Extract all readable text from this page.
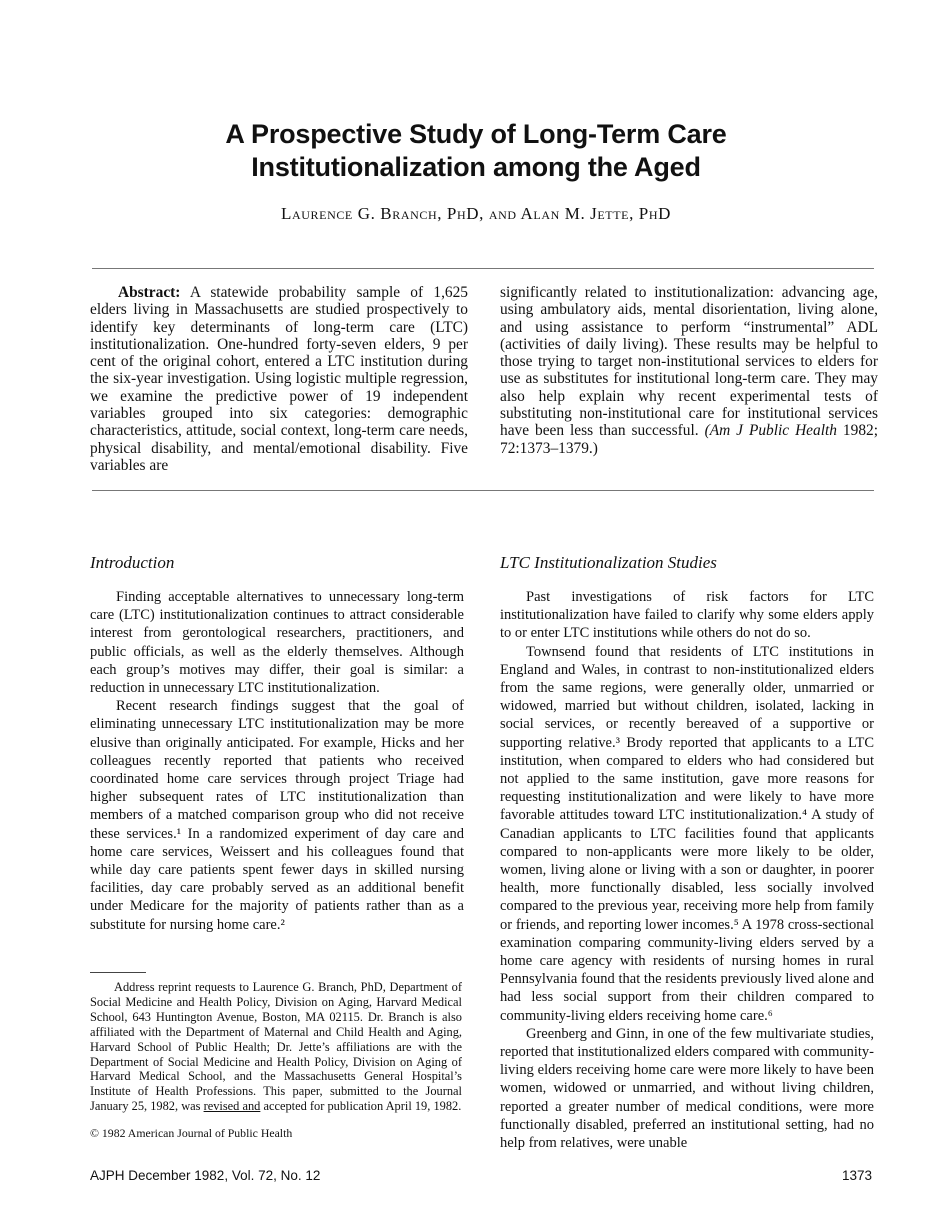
A Prospective Study of Long-Term Care
Institutionalization among the Aged
Laurence G. Branch, PhD, and Alan M. Jette, PhD

Abstract: A statewide probability sample of 1,625 elders living in Massachusetts are studied prospectively to identify key determinants of long-term care (LTC) institutionalization. One-hundred forty-seven elders, 9 per cent of the original cohort, entered a LTC institution during the six-year investigation. Using logistic multiple regression, we examine the predictive power of 19 independent variables grouped into six categories: demographic characteristics, attitude, social context, long-term care needs, physical disability, and mental/emotional disability. Five variables are

significantly related to institutionalization: advancing age, using ambulatory aids, mental disorientation, living alone, and using assistance to perform “instrumental” ADL (activities of daily living). These results may be helpful to those trying to target non-institutional services to elders for use as substitutes for institutional long-term care. They may also help explain why recent experimental tests of substituting non-institutional care for institutional services have been less than successful. (Am J Public Health 1982; 72:1373–1379.)

Introduction

Finding acceptable alternatives to unnecessary long-term care (LTC) institutionalization continues to attract considerable interest from gerontological researchers, practitioners, and public officials, as well as the elderly themselves. Although each group’s motives may differ, their goal is similar: a reduction in unnecessary LTC institutionalization.

Recent research findings suggest that the goal of eliminating unnecessary LTC institutionalization may be more elusive than originally anticipated. For example, Hicks and her colleagues recently reported that patients who received coordinated home care services through project Triage had higher subsequent rates of LTC institutionalization than members of a matched comparison group who did not receive these services.¹ In a randomized experiment of day care and home care services, Weissert and his colleagues found that while day care patients spent fewer days in skilled nursing facilities, day care probably served as an additional benefit under Medicare for the majority of patients rather than as a substitute for nursing home care.²

Address reprint requests to Laurence G. Branch, PhD, Department of Social Medicine and Health Policy, Division on Aging, Harvard Medical School, 643 Huntington Avenue, Boston, MA 02115. Dr. Branch is also affiliated with the Department of Maternal and Child Health and Aging, Harvard School of Public Health; Dr. Jette’s affiliations are with the Department of Social Medicine and Health Policy, Division on Aging of Harvard Medical School, and the Massachusetts General Hospital’s Institute of Health Professions. This paper, submitted to the Journal January 25, 1982, was revised and accepted for publication April 19, 1982.

© 1982 American Journal of Public Health
LTC Institutionalization Studies

Past investigations of risk factors for LTC institutionalization have failed to clarify why some elders apply to or enter LTC institutions while others do not do so.

Townsend found that residents of LTC institutions in England and Wales, in contrast to non-institutionalized elders from the same regions, were generally older, unmarried or widowed, married but without children, isolated, lacking in social services, or recently bereaved of a supportive or supporting relative.³ Brody reported that applicants to a LTC institution, when compared to elders who had considered but not applied to the same institution, gave more reasons for requesting institutionalization and were likely to have more favorable attitudes toward LTC institutionalization.⁴ A study of Canadian applicants to LTC facilities found that applicants compared to non-applicants were more likely to be older, women, living alone or living with a son or daughter, in poorer health, more functionally disabled, less socially involved compared to the previous year, receiving more help from family or friends, and reporting lower incomes.⁵ A 1978 cross-sectional examination comparing community-living elders served by a home care agency with residents of nursing homes in rural Pennsylvania found that the residents previously lived alone and had less social support from their children compared to community-living elders receiving home care.⁶

Greenberg and Ginn, in one of the few multivariate studies, reported that institutionalized elders compared with community-living elders receiving home care were more likely to have been women, widowed or unmarried, and without living children, reported a greater number of medical conditions, were more functionally disabled, preferred an institutional setting, had no help from relatives, were unable

AJPH December 1982, Vol. 72, No. 12	1373
